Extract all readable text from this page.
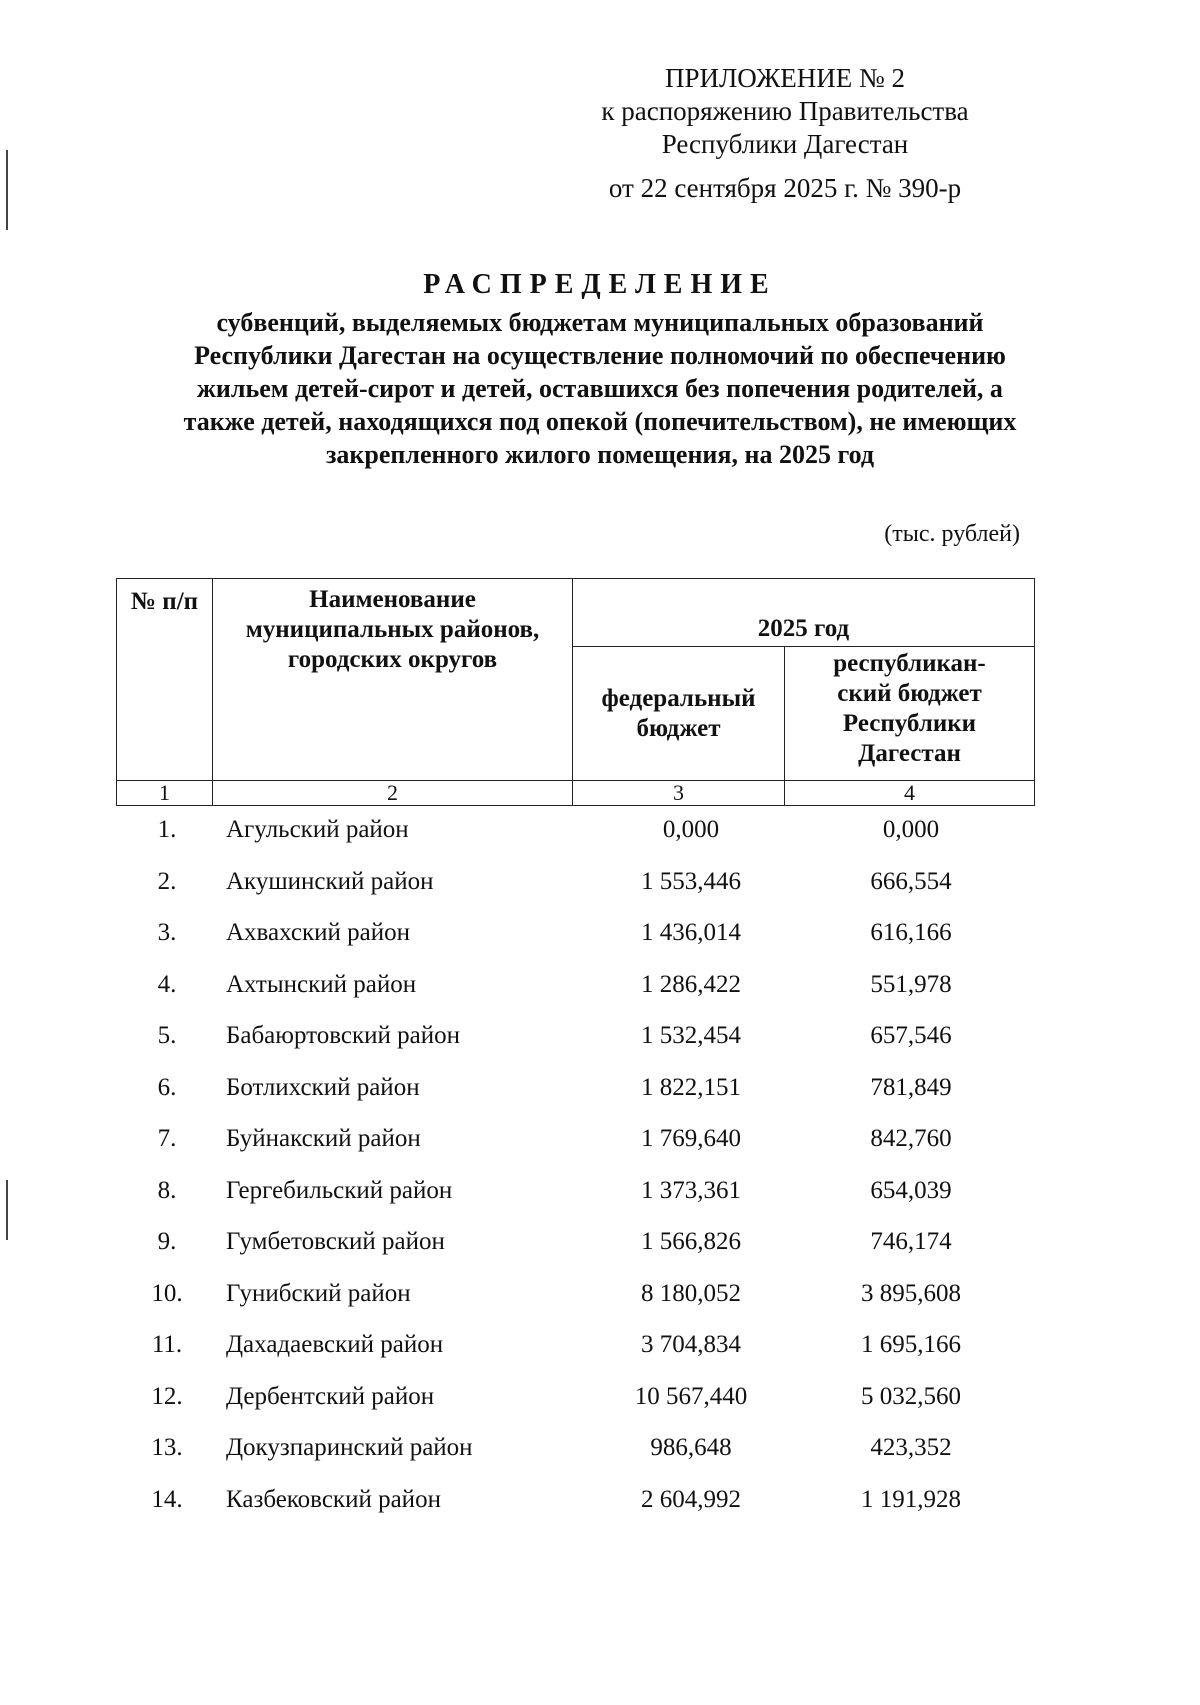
ПРИЛОЖЕНИЕ № 2
к распоряжению Правительства
Республики Дагестан
от 22 сентября 2025 г. № 390-р
РАСПРЕДЕЛЕНИЕ
субвенций, выделяемых бюджетам муниципальных образований
Республики Дагестан на осуществление полномочий по обеспечению
жильем детей-сирот и детей, оставшихся без попечения родителей, а
также детей, находящихся под опекой (попечительством), не имеющих
закрепленного жилого помещения, на 2025 год
(тыс. рублей)
№ п/п	Наименование муниципальных районов, городских округов	2025 год	
		федеральный бюджет	республикан-ский бюджет Республики Дагестан
1	2	3	4
1.	Агульский район	0,000	0,000
2.	Акушинский район	1 553,446	666,554
3.	Ахвахский район	1 436,014	616,166
4.	Ахтынский район	1 286,422	551,978
5.	Бабаюртовский район	1 532,454	657,546
6.	Ботлихский район	1 822,151	781,849
7.	Буйнакский район	1 769,640	842,760
8.	Гергебильский район	1 373,361	654,039
9.	Гумбетовский район	1 566,826	746,174
10.	Гунибский район	8 180,052	3 895,608
11.	Дахадаевский район	3 704,834	1 695,166
12.	Дербентский район	10 567,440	5 032,560
13.	Докузпаринский район	986,648	423,352
14.	Казбековский район	2 604,992	1 191,928
